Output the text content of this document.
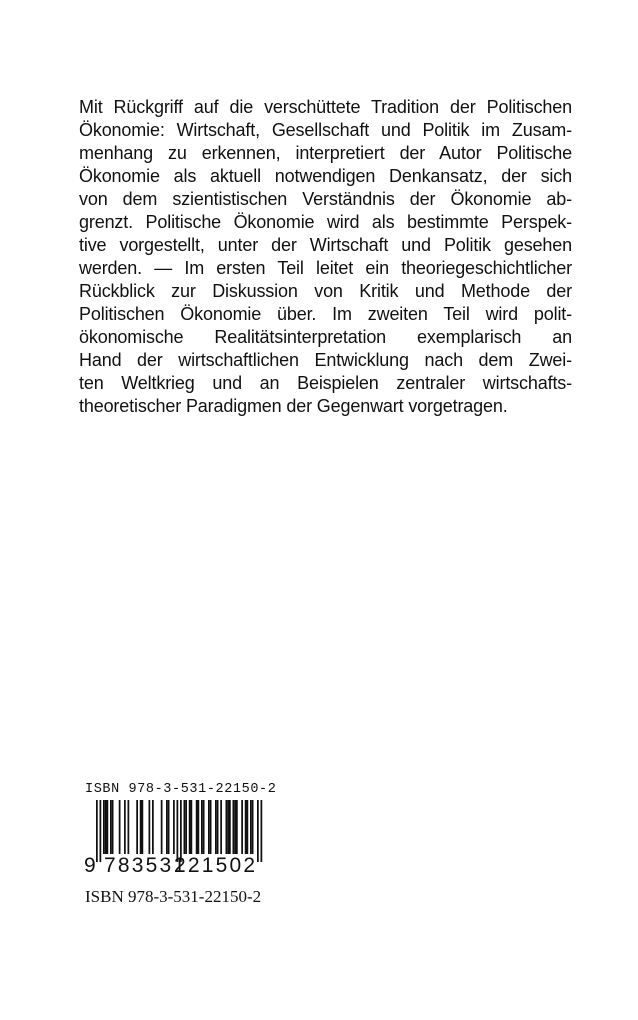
Mit Rückgriff auf die verschüttete Tradition der Politischen
Ökonomie: Wirtschaft, Gesellschaft und Politik im Zusam-
menhang zu erkennen, interpretiert der Autor Politische
Ökonomie als aktuell notwendigen Denkansatz, der sich
von dem szientistischen Verständnis der Ökonomie ab-
grenzt. Politische Ökonomie wird als bestimmte Perspek-
tive vorgestellt, unter der Wirtschaft und Politik gesehen
werden. — Im ersten Teil leitet ein theoriegeschichtlicher
Rückblick zur Diskussion von Kritik und Methode der
Politischen Ökonomie über. Im zweiten Teil wird polit-
ökonomische Realitätsinterpretation exemplarisch an
Hand der wirtschaftlichen Entwicklung nach dem Zwei-
ten Weltkrieg und an Beispielen zentraler wirtschafts-
theoretischer Paradigmen der Gegenwart vorgetragen.
ISBN 978-3-531-22150-2
9 783531
221502
ISBN 978-3-531-22150-2
